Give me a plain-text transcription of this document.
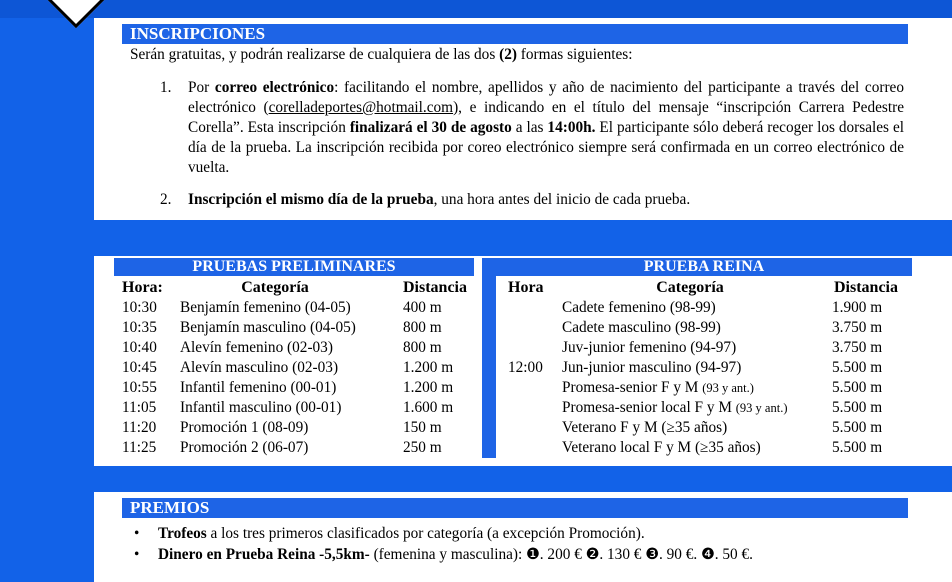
INSCRIPCIONES
Serán gratuitas, y podrán realizarse de cualquiera de las dos (2) formas siguientes:
1. Por correo electrónico: facilitando el nombre, apellidos y año de nacimiento del participante a través del correo electrónico (corelladeportes@hotmail.com), e indicando en el título del mensaje “inscripción Carrera Pedestre Corella”. Esta inscripción finalizará el 30 de agosto a las 14:00h. El participante sólo deberá recoger los dorsales el día de la prueba. La inscripción recibida por coreo electrónico siempre será confirmada en un correo electrónico de vuelta.
2. Inscripción el mismo día de la prueba, una hora antes del inicio de cada prueba.
PRUEBAS PRELIMINARES	PRUEBA REINA
Hora:	Categoría	Distancia	Hora	Categoría	Distancia
10:30 Benjamín femenino (04-05)	400 m
10:35 Benjamín masculino (04-05)	800 m
10:40 Alevín femenino (02-03)	800 m
10:45 Alevín masculino (02-03)	1.200 m
10:55 Infantil femenino (00-01)	1.200 m
11:05 Infantil masculino (00-01)	1.600 m
11:20 Promoción 1 (08-09)	150 m
11:25 Promoción 2 (06-07)	250 m
Cadete femenino (98-99)	1.900 m
Cadete masculino (98-99)	3.750 m
Juv-junior femenino (94-97)	3.750 m
12:00 Jun-junior masculino (94-97)	5.500 m
Promesa-senior F y M (93 y ant.)	5.500 m
Promesa-senior local F y M (93 y ant.)	5.500 m
Veterano F y M (≥35 años)	5.500 m
Veterano local F y M (≥35 años)	5.500 m
PREMIOS
• Trofeos a los tres primeros clasificados por categoría (a excepción Promoción).
• Dinero en Prueba Reina -5,5km- (femenina y masculina): ❶. 200 € ❷. 130 € ❸. 90 €. ❹. 50 €.
